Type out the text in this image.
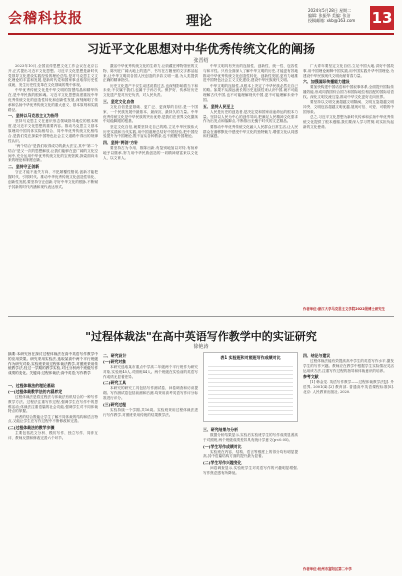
会稽科技报	理论
2024年5月28日 星期二
编辑: 张振华 美编: 张洁
投稿邮箱: xkb@163.com	13
习近平文化思想对中华优秀传统文化的阐扬
张晋绍

2023年10月,全国宣传思想文化工作会议在北京召开,正式提出习近平文化思想。习近平文化思想是新时代党领导文化建设实践经验的理论总结,是对马克思主义文化理论的丰富和发展,是新时代党和国家事业取得历史性成就、发生历史性变革在文化领域的集中体现。

中华优秀传统文化是中华文明的智慧结晶和精华所在,是中华民族的根和魂。习近平文化思想高度重视中华优秀传统文化的创造性转化和创新性发展,深刻阐明了传承和弘扬中华优秀传统文化的重大意义、基本原则和实践路径。

一、坚持以马克思主义为指导

坚持马克思主义在意识形态领域指导地位的根本制度,是习近平文化思想的重要内容。推动马克思主义基本原理同中国具体实际相结合、同中华优秀传统文化相结合,是我们党在探索中国特色社会主义道路中得出的规律性认识。

"两个结合"是我们取得成功的最大法宝,其中"第二个结合"是又一次的思想解放,让我们能够在更广阔的文化空间中,充分运用中华优秀传统文化的宝贵资源,探索面向未来的理论和制度创新。

二、坚持守正创新

守正才能不迷失方向、不犯颠覆性错误,创新才能把握时代、引领时代。推动中华优秀传统文化创造性转化、创新性发展,要坚持守正创新,守好中华文化的根脉,不断赋予其新的时代内涵和现代表达形式。

激活中华优秀传统文化的生命力,让收藏在博物馆里的文物、陈列在广阔大地上的遗产、书写在古籍里的文字都活起来,让中华文明同各国人民创造的多彩文明一道,为人类提供正确的精神指引。

历史文化遗产不仅生动述说着过去,也深刻影响着当下和未来;不仅属于我们,也属于子孙万代。保护好、传承好历史文化遗产是对历史负责、对人民负责。

三、坚定文化自信

文化自信是更基础、更广泛、更深厚的自信,是一个国家、一个民族发展中最基本、最深沉、最持久的力量。中华优秀传统文化是中华民族的突出优势,是我们在世界文化激荡中站稳脚跟的根基。

坚定文化自信,就要坚持走自己的路,立足中华民族伟大历史实践和当代实践,用中国道理总结好中国经验,把中国经验提升为中国理论,既不盲从各种教条,也不照搬外国理论。

四、坚持"两创"方针

要坚持古为今用、推陈出新,有鉴别地加以对待,有扬弃地予以继承,努力用中华民族创造的一切精神财富来以文化人、以文育人。

中华文明具有突出的连续性、创新性、统一性、包容性与和平性。只有全面深入了解中华文明的历史,才能更有效地推动中华优秀传统文化创造性转化、创新性发展,更有力地推进中国特色社会主义文化建设,建设中华民族现代文明。

中华文明的连续性,从根本上决定了中华民族必然走自己的路。如果不从源远流长的历史连续性来认识中国,就不可能理解古代中国,也不可能理解现代中国,更不可能理解未来中国。

五、坚持人民至上

人民是历史的创造者,是决定党和国家前途命运的根本力量。坚持以人民为中心的创作导向,把满足人民精神文化需求作为出发点和落脚点,不断推出无愧于时代的文艺精品。

要推动中华优秀传统文化融入人民群众日常生活,让人民群众在潜移默化中感受中华文化的独特魅力,增强文化认同感和归属感。

广大青年要坚定文化自信,立足中国大地,讲好中国故事,用中国理论阐释中国实践,用中国实践升华中国理论,为建设中华民族现代文明贡献青春力量。

六、加强国际传播能力建设

要加快构建中国话语和中国叙事体系,全面提升国际传播效能,形成同我国综合国力和国际地位相匹配的国际话语权。深化文明交流互鉴,推动中华文化更好走向世界。

要坚持以文明交流超越文明隔阂、文明互鉴超越文明冲突、文明包容超越文明优越,展现可信、可爱、可敬的中国形象。

总之,习近平文化思想为新时代传承和弘扬中华优秀传统文化提供了根本遵循,我们要深入学习贯彻,切实担负起新的文化使命。

作者单位:浙江大学马克思主义学院2022级博士研究生
"过程体裁法"在高中英语写作教学中的实证研究
徐艳涛
摘要:本研究旨在探讨过程体裁法在高中英语写作教学中的应用效果。研究采用实验法,选取某高中两个平行班级作为研究对象,实验班采用过程体裁法教学,对照班采用传统教学法,经过一学期的教学实验,对比分析两个班级写作成绩的变化。关键词:过程体裁法;高中英语;写作教学
一、过程体裁法的理论基础
(一)过程体裁教学法的内涵界定

过程体裁法是将过程法与体裁法有机结合的一种写作教学方法。过程法注重写作过程,强调学生在写作中的思维活动;体裁法注重语篇的社会功能,强调学生对不同体裁特点的掌握。

两者的结合既能让学生了解不同体裁的结构和语言特点,又能让学生在写作过程中不断修改和完善。

(二)过程体裁法的教学步骤

主要包括范文分析、模仿写作、独立写作、同伴互评、教师反馈和修改完善六个环节。

二、研究设计
(一)研究对象

本研究选取某市重点中学高二年级两个平行班作为研究对象,实验班45人,对照班44人。两个班级在实验前的英语写作成绩无显著差异。

(二)研究工具

本研究的研究工具包括写作测试卷、问卷调查和访谈提纲。写作测试卷包括前测和后测,均采用高考英语写作评分标准进行评分。

(三)研究过程

实验持续一个学期,共16周。实验班采用过程体裁法进行写作教学,对照班采用传统的结果教学法。

表1 实验班和对照班写作成绩对比
三、研究结果与分析

数据分析结果显示,实验后实验班学生的写作成绩显著高于对照班,两个班级成绩差异具有统计学意义(p<0.05)。

(一)学生写作成绩对比

实验班在内容、结构、语言等维度上的得分均有明显提高,其中语篇结构方面的提升最为显著。

(二)学生写作兴趣变化

问卷调查显示,实验班学生对英语写作的兴趣明显增强,写作焦虑感有所降低。

四、结论与建议

过程体裁法能有效提高高中学生的英语写作水平,激发学生的写作兴趣。教师应在教学中根据学生实际情况灵活运用该方法,注重写作过程的指导和体裁意识的培养。

参考文献

[1] 韩金龙. 英语写作教学——过程体裁教学法[J]. 外语界, 2001(4).[2] 教育部. 普通高中英语课程标准[S]. 北京: 人民教育出版社, 2020.

作者单位:杭州市富阳区第二中学
